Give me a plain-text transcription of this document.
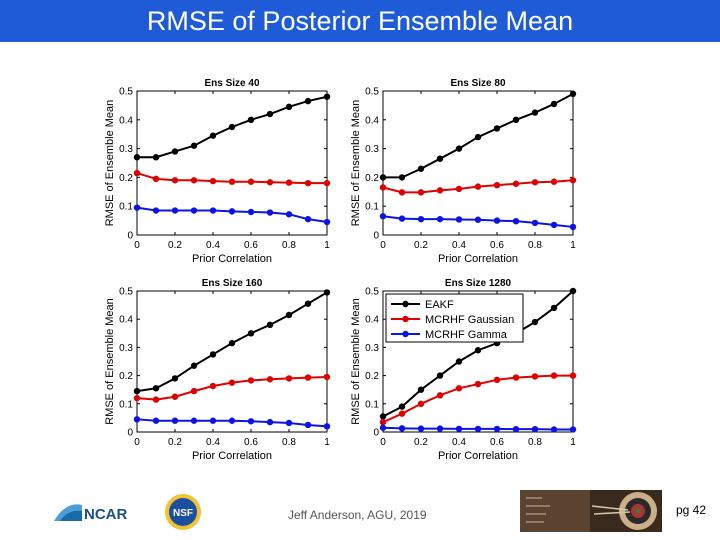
RMSE of Posterior Ensemble Mean
0	0.2 0.4 0.6 0.8	1
0
0.1
0.2
0.3
0.4
0.5
Ens Size 40
Prior Correlation
RMSE of Ensemble Mean
0	0.2 0.4 0.6 0.8	1
0
0.1
0.2
0.3
0.4
0.5
Ens Size 80
Prior Correlation
RMSE of Ensemble Mean
0	0.2 0.4 0.6 0.8	1
0
0.1
0.2
0.3
0.4
0.5
Ens Size 160
Prior Correlation
RMSE of Ensemble Mean
0	0.2 0.4 0.6 0.8	1
0
0.1
0.2
0.3
0.4
0.5
Ens Size 1280
Prior Correlation
RMSE of Ensemble Mean	EAKF
MCRHF Gaussian
MCRHF Gamma
NCAR	NSF	Jeff Anderson, AGU, 2019	pg 42
